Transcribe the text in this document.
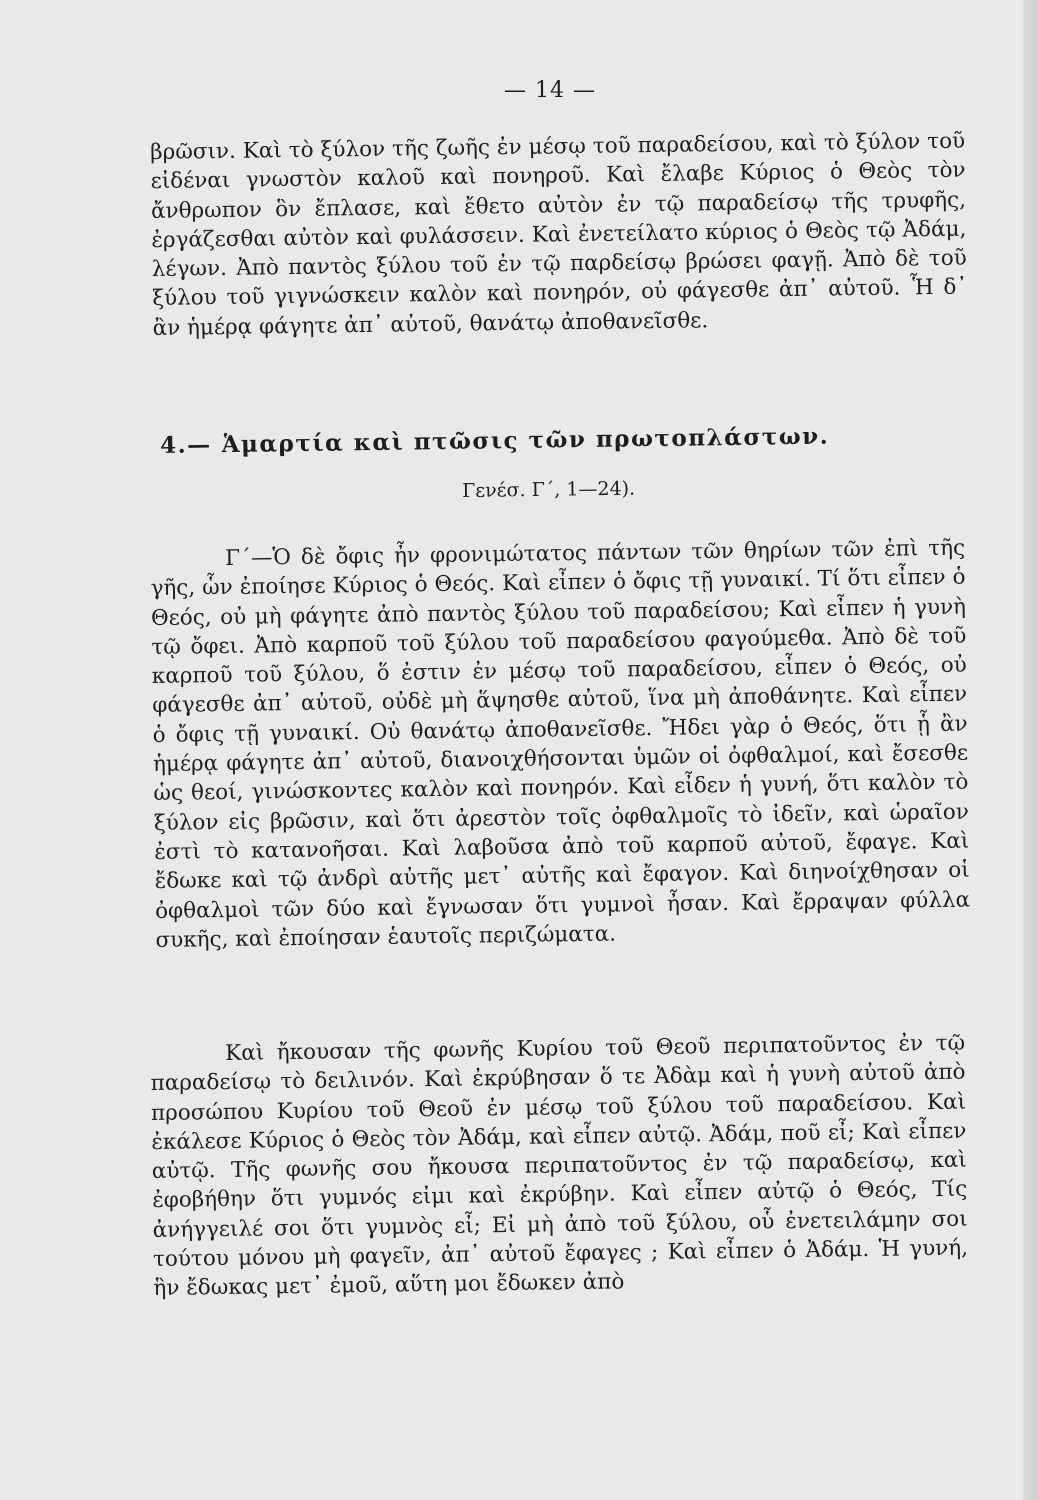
— 14 —

βρῶσιν. Καὶ τὸ ξύλον τῆς ζωῆς ἐν μέσῳ τοῦ παραδείσου, καὶ τὸ ξύλον τοῦ εἰδέναι γνωστὸν καλοῦ καὶ πονηροῦ. Καὶ ἔλαβε Κύριος ὁ Θεὸς τὸν ἄνθρωπον ὃν ἔπλασε, καὶ ἔθετο αὐτὸν ἐν τῷ παραδείσῳ τῆς τρυφῆς, ἐργάζεσθαι αὐτὸν καὶ φυλάσσειν. Καὶ ἐνετείλατο κύριος ὁ Θεὸς τῷ Ἀδάμ, λέγων. Ἀπὸ παντὸς ξύλου τοῦ ἐν τῷ παρδείσῳ βρώσει φαγῇ. Ἀπὸ δὲ τοῦ ξύλου τοῦ γιγνώσκειν καλὸν καὶ πονηρόν, οὐ φάγεσθε ἀπ᾽ αὐτοῦ. Ἧ δ᾽ ἂν ἡμέρᾳ φάγητε ἀπ᾽ αὐτοῦ, θανάτῳ ἀποθανεῖσθε.

4.— Ἁμαρτία καὶ πτῶσις τῶν πρωτοπλάστων.
Γενέσ. Γ΄, 1—24).

Γ΄—Ὁ δὲ ὄφις ἦν φρονιμώτατος πάντων τῶν θηρίων τῶν ἐπὶ τῆς γῆς, ὧν ἐποίησε Κύριος ὁ Θεός. Καὶ εἶπεν ὁ ὄφις τῇ γυναικί. Τί ὅτι εἶπεν ὁ Θεός, οὐ μὴ φάγητε ἀπὸ παντὸς ξύλου τοῦ παραδείσου; Καὶ εἶπεν ἡ γυνὴ τῷ ὄφει. Ἀπὸ καρποῦ τοῦ ξύλου τοῦ παραδείσου φαγούμεθα. Ἀπὸ δὲ τοῦ καρποῦ τοῦ ξύλου, ὅ ἐστιν ἐν μέσῳ τοῦ παραδείσου, εἶπεν ὁ Θεός, οὐ φάγεσθε ἀπ᾽ αὐτοῦ, οὐδὲ μὴ ἅψησθε αὐτοῦ, ἵνα μὴ ἀποθάνητε. Καὶ εἶπεν ὁ ὄφις τῇ γυναικί. Οὐ θανάτῳ ἀποθανεῖσθε. Ἤδει γὰρ ὁ Θεός, ὅτι ᾗ ἂν ἡμέρᾳ φάγητε ἀπ᾽ αὐτοῦ, διανοιχθήσονται ὑμῶν οἱ ὀφθαλμοί, καὶ ἔσεσθε ὡς θεοί, γινώσκοντες καλὸν καὶ πονηρόν. Καὶ εἶδεν ἡ γυνή, ὅτι καλὸν τὸ ξύλον εἰς βρῶσιν, καὶ ὅτι ἀρεστὸν τοῖς ὀφθαλμοῖς τὸ ἰδεῖν, καὶ ὡραῖον ἐστὶ τὸ κατανοῆσαι. Καὶ λαβοῦσα ἀπὸ τοῦ καρποῦ αὐτοῦ, ἔφαγε. Καὶ ἔδωκε καὶ τῷ ἀνδρὶ αὐτῆς μετ᾽ αὐτῆς καὶ ἔφαγον. Καὶ διηνοίχθησαν οἱ ὀφθαλμοὶ τῶν δύο καὶ ἔγνωσαν ὅτι γυμνοὶ ἦσαν. Καὶ ἔρραψαν φύλλα συκῆς, καὶ ἐποίησαν ἑαυτοῖς περιζώματα.

Καὶ ἤκουσαν τῆς φωνῆς Κυρίου τοῦ Θεοῦ περιπατοῦντος ἐν τῷ παραδείσῳ τὸ δειλινόν. Καὶ ἐκρύβησαν ὅ τε Ἀδὰμ καὶ ἡ γυνὴ αὐτοῦ ἀπὸ προσώπου Κυρίου τοῦ Θεοῦ ἐν μέσῳ τοῦ ξύλου τοῦ παραδείσου. Καὶ ἐκάλεσε Κύριος ὁ Θεὸς τὸν Ἀδάμ, καὶ εἶπεν αὐτῷ. Ἀδάμ, ποῦ εἶ; Καὶ εἶπεν αὐτῷ. Τῆς φωνῆς σου ἤκουσα περιπατοῦντος ἐν τῷ παραδείσῳ, καὶ ἐφοβήθην ὅτι γυμνός εἰμι καὶ ἐκρύβην. Καὶ εἶπεν αὐτῷ ὁ Θεός, Τίς ἀνήγγειλέ σοι ὅτι γυμνὸς εἶ; Εἰ μὴ ἀπὸ τοῦ ξύλου, οὗ ἐνετειλάμην σοι τούτου μόνου μὴ φαγεῖν, ἀπ᾽ αὐτοῦ ἔφαγες ; Καὶ εἶπεν ὁ Ἀδάμ. Ἡ γυνή, ἣν ἔδωκας μετ᾽ ἐμοῦ, αὕτη μοι ἔδωκεν ἀπὸ
